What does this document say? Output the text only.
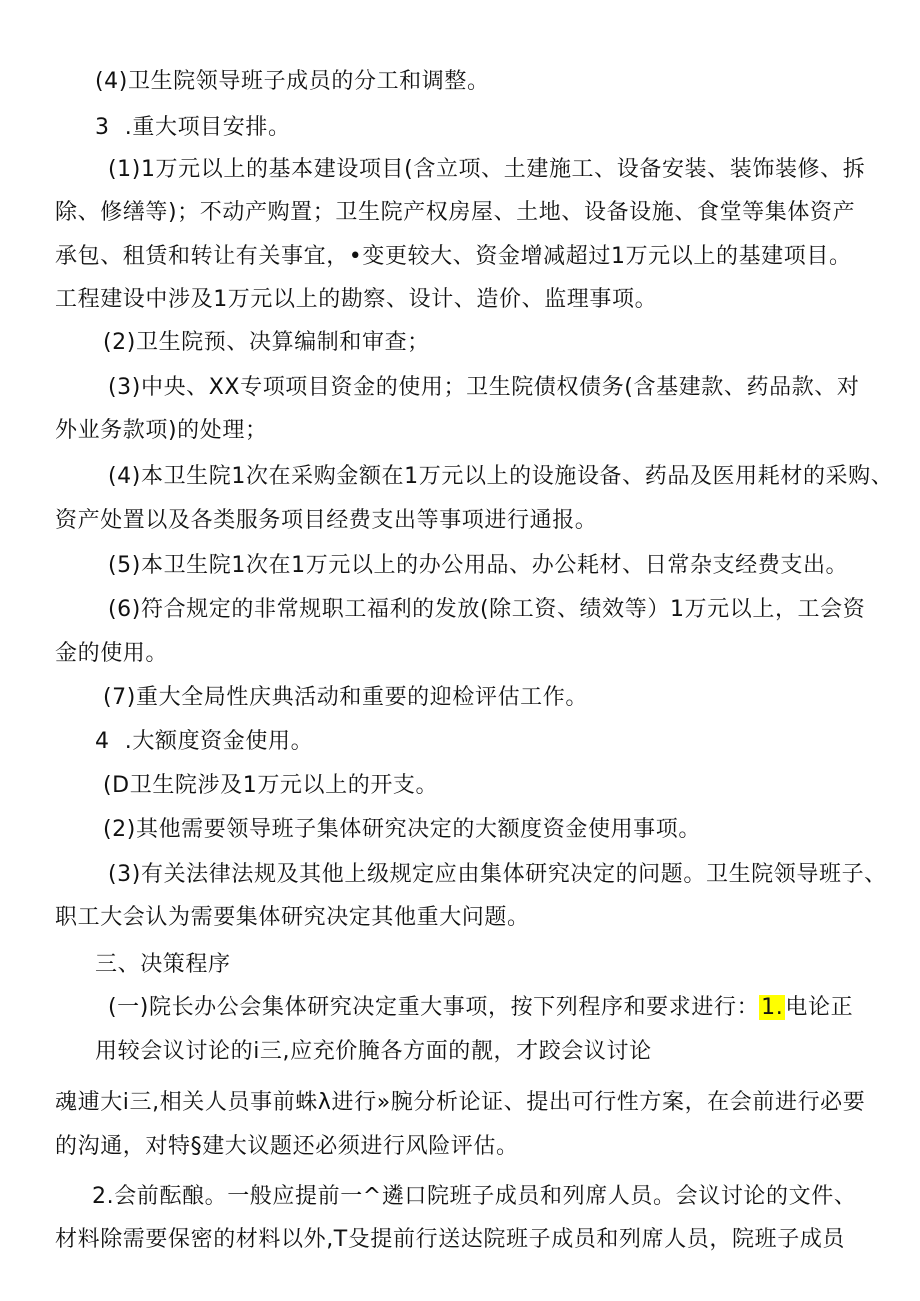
(4)卫生院领导班子成员的分工和调整。
3  .重大项目安排。
(1)1万元以上的基本建设项目(含立项、土建施工、设备安装、装饰装修、拆
除、修缮等)；不动产购置；卫生院产权房屋、土地、设备设施、食堂等集体资产
承包、租赁和转让有关事宜，•变更较大、资金增减超过1万元以上的基建项目。
工程建设中涉及1万元以上的勘察、设计、造价、监理事项。
(2)卫生院预、决算编制和审查；
(3)中央、XX专项项目资金的使用；卫生院债权债务(含基建款、药品款、对
外业务款项)的处理；
(4)本卫生院1次在采购金额在1万元以上的设施设备、药品及医用耗材的采购、
资产处置以及各类服务项目经费支出等事项进行通报。
(5)本卫生院1次在1万元以上的办公用品、办公耗材、日常杂支经费支出。
(6)符合规定的非常规职工福利的发放(除工资、绩效等）1万元以上，工会资
金的使用。
(7)重大全局性庆典活动和重要的迎检评估工作。
4  .大额度资金使用。
(D卫生院涉及1万元以上的开支。
(2)其他需要领导班子集体研究决定的大额度资金使用事项。
(3)有关法律法规及其他上级规定应由集体研究决定的问题。卫生院领导班子、
职工大会认为需要集体研究决定其他重大问题。
三、决策程序
(一)院长办公会集体研究决定重大事项，按下列程序和要求进行：1.电论正
用较会议讨论的i三,应充价腌各方面的靓，才跤会议讨论
魂逋大i三,相关人员事前蛛λ进行»腕分析论证、提出可行性方案，在会前进行必要
的沟通，对特§建大议题还必须进行风险评估。
2.会前酝酿。一般应提前一^遴口院班子成员和列席人员。会议讨论的文件、
材料除需要保密的材料以外,T殳提前行送达院班子成员和列席人员，院班子成员
